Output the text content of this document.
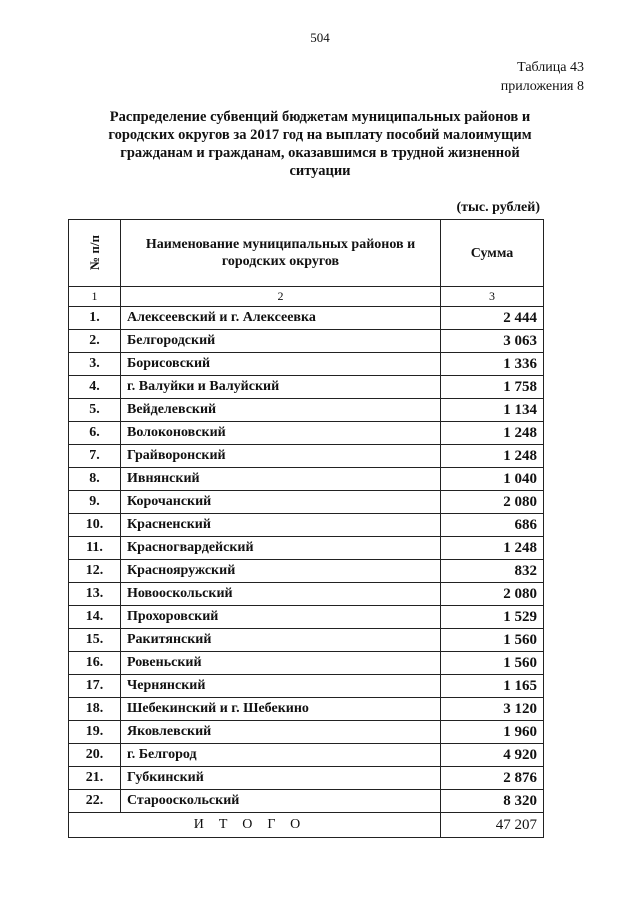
504
Таблица 43
приложения 8
Распределение субвенций бюджетам муниципальных районов и
городских округов за 2017 год на выплату пособий малоимущим
гражданам и гражданам, оказавшимся в трудной жизненной
ситуации
(тыс. рублей)
№ п/п	Наименование муниципальных районов и городских округов	Сумма
1	2	3
1.	Алексеевский и г. Алексеевка	2 444
2.	Белгородский	3 063
3.	Борисовский	1 336
4.	г. Валуйки и Валуйский	1 758
5.	Вейделевский	1 134
6.	Волоконовский	1 248
7.	Грайворонский	1 248
8.	Ивнянский	1 040
9.	Корочанский	2 080
10.	Красненский	686
11.	Красногвардейский	1 248
12.	Краснояружский	832
13.	Новооскольский	2 080
14.	Прохоровский	1 529
15.	Ракитянский	1 560
16.	Ровеньский	1 560
17.	Чернянский	1 165
18.	Шебекинский и г. Шебекино	3 120
19.	Яковлевский	1 960
20.	г. Белгород	4 920
21.	Губкинский	2 876
22.	Старооскольский	8 320
ИТОГО		47 207
